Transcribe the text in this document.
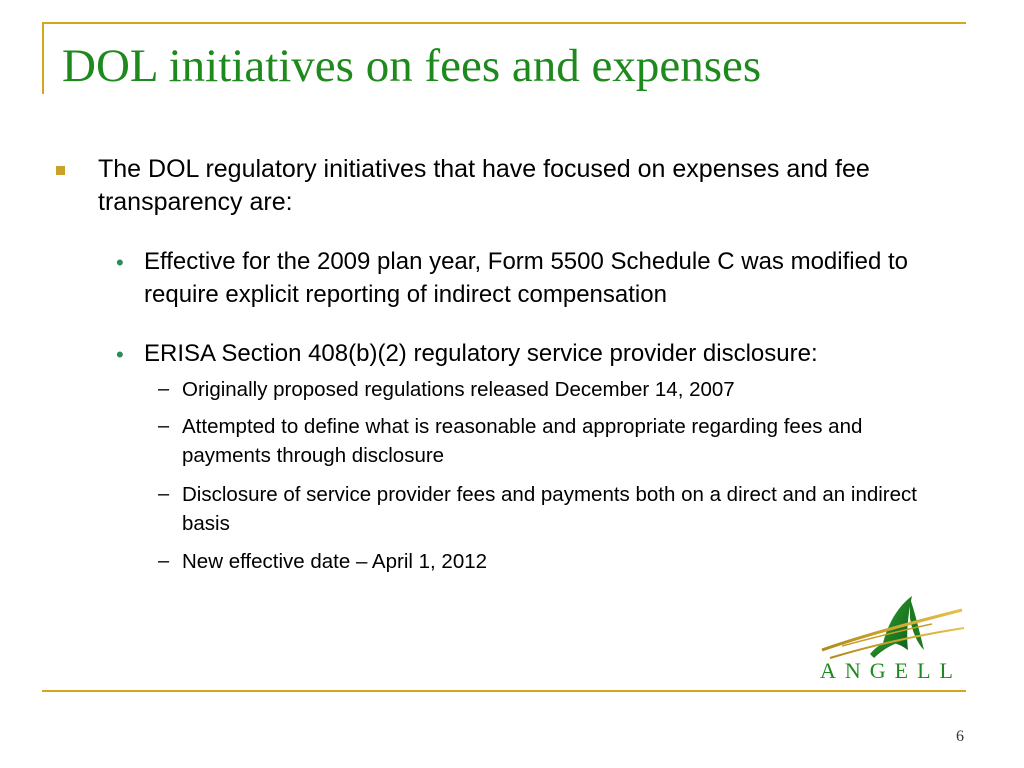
DOL initiatives on fees and expenses
The DOL regulatory initiatives that have focused on expenses and fee transparency are:
• Effective for the 2009 plan year, Form 5500 Schedule C was modified to require explicit reporting of indirect compensation
• ERISA Section 408(b)(2) regulatory service provider disclosure:
– Originally proposed regulations released December 14, 2007
– Attempted to define what is reasonable and appropriate regarding fees and payments through disclosure
– Disclosure of service provider fees and payments both on a direct and an indirect basis
– New effective date – April 1, 2012
ANGELL
6
